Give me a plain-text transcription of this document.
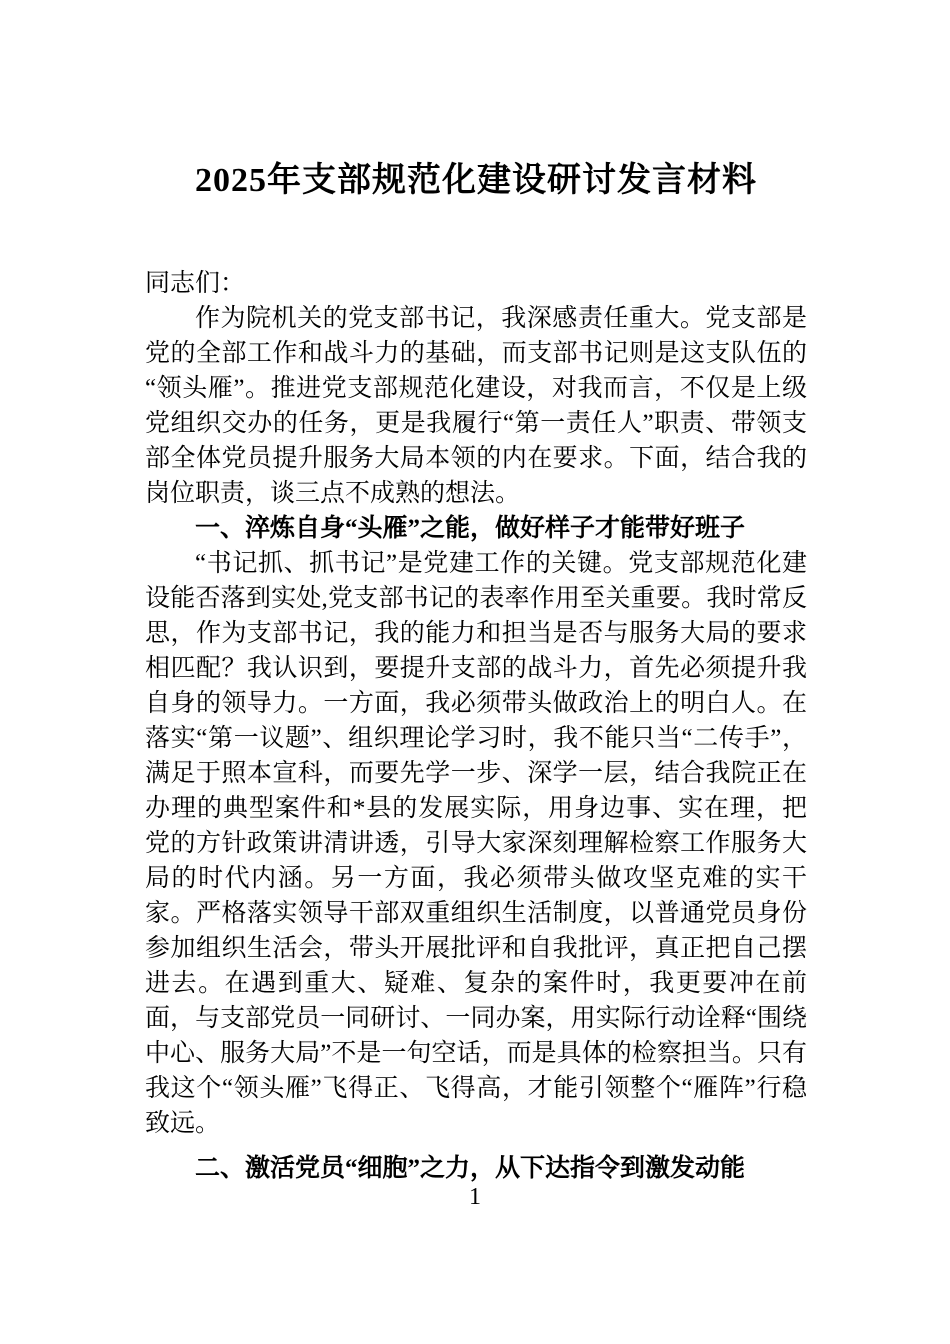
2025年支部规范化建设研讨发言材料

同志们：

作为院机关的党支部书记，我深感责任重大。党支部是党的全部工作和战斗力的基础，而支部书记则是这支队伍的“领头雁”。推进党支部规范化建设，对我而言，不仅是上级党组织交办的任务，更是我履行“第一责任人”职责、带领支部全体党员提升服务大局本领的内在要求。下面，结合我的岗位职责，谈三点不成熟的想法。

一、淬炼自身“头雁”之能，做好样子才能带好班子

“书记抓、抓书记”是党建工作的关键。党支部规范化建设能否落到实处,党支部书记的表率作用至关重要。我时常反思，作为支部书记，我的能力和担当是否与服务大局的要求相匹配？我认识到，要提升支部的战斗力，首先必须提升我自身的领导力。一方面，我必须带头做政治上的明白人。在落实“第一议题”、组织理论学习时，我不能只当“二传手”，满足于照本宣科，而要先学一步、深学一层，结合我院正在办理的典型案件和*县的发展实际，用身边事、实在理，把党的方针政策讲清讲透，引导大家深刻理解检察工作服务大局的时代内涵。另一方面，我必须带头做攻坚克难的实干家。严格落实领导干部双重组织生活制度，以普通党员身份参加组织生活会，带头开展批评和自我批评，真正把自己摆进去。在遇到重大、疑难、复杂的案件时，我更要冲在前面，与支部党员一同研讨、一同办案，用实际行动诠释“围绕中心、服务大局”不是一句空话，而是具体的检察担当。只有我这个“领头雁”飞得正、飞得高，才能引领整个“雁阵”行稳致远。

二、激活党员“细胞”之力，从下达指令到激发动能

1
